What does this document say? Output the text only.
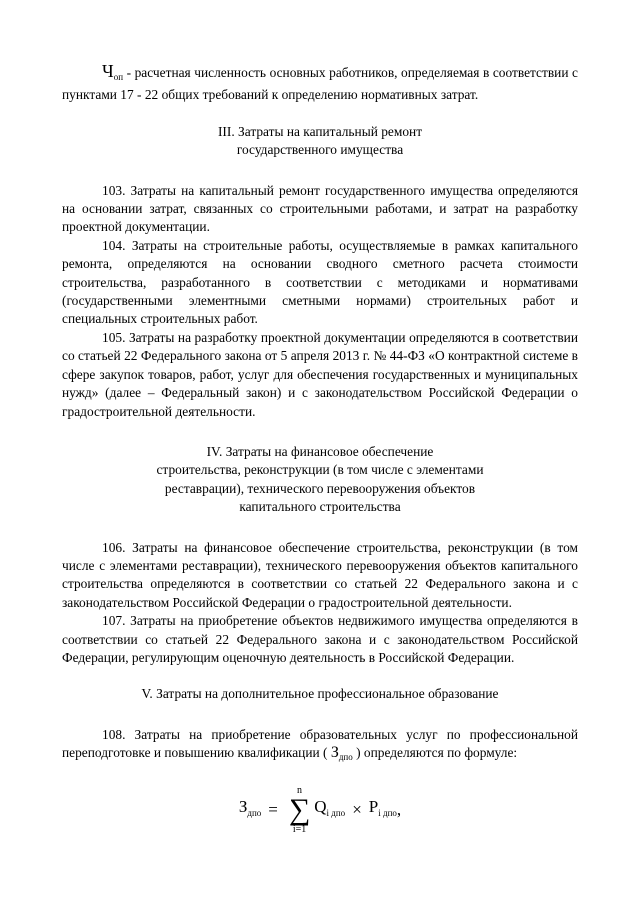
$Ч_{оп}$ - расчетная численность основных работников, определяемая в соответствии с пунктами 17 - 22 общих требований к определению нормативных затрат.

III. Затраты на капитальный ремонт
государственного имущества

103. Затраты на капитальный ремонт государственного имущества определяются на основании затрат, связанных со строительными работами, и затрат на разработку проектной документации.

104. Затраты на строительные работы, осуществляемые в рамках капитального ремонта, определяются на основании сводного сметного расчета стоимости строительства, разработанного в соответствии с методиками и нормативами (государственными элементными сметными нормами) строительных работ и специальных строительных работ.

105. Затраты на разработку проектной документации определяются в соответствии со статьей 22 Федерального закона от 5 апреля 2013 г. № 44-ФЗ «О контрактной системе в сфере закупок товаров, работ, услуг для обеспечения государственных и муниципальных нужд» (далее – Федеральный закон) и с законодательством Российской Федерации о градостроительной деятельности.

IV. Затраты на финансовое обеспечение
строительства, реконструкции (в том числе с элементами
реставрации), технического перевооружения объектов
капитального строительства

106. Затраты на финансовое обеспечение строительства, реконструкции (в том числе с элементами реставрации), технического перевооружения объектов капитального строительства определяются в соответствии со статьей 22 Федерального закона и с законодательством Российской Федерации о градостроительной деятельности.

107. Затраты на приобретение объектов недвижимого имущества определяются в соответствии со статьей 22 Федерального закона и с законодательством Российской Федерации, регулирующим оценочную деятельность в Российской Федерации.

V. Затраты на дополнительное профессиональное образование

108. Затраты на приобретение образовательных услуг по профессиональной переподготовке и повышению квалификации ( $З_{дпо}$ ) определяются по формуле:

$З_{дпо}$ =
n
∑
i=1
$Q_{i дпо} \times P_{i дпо}$ ,
